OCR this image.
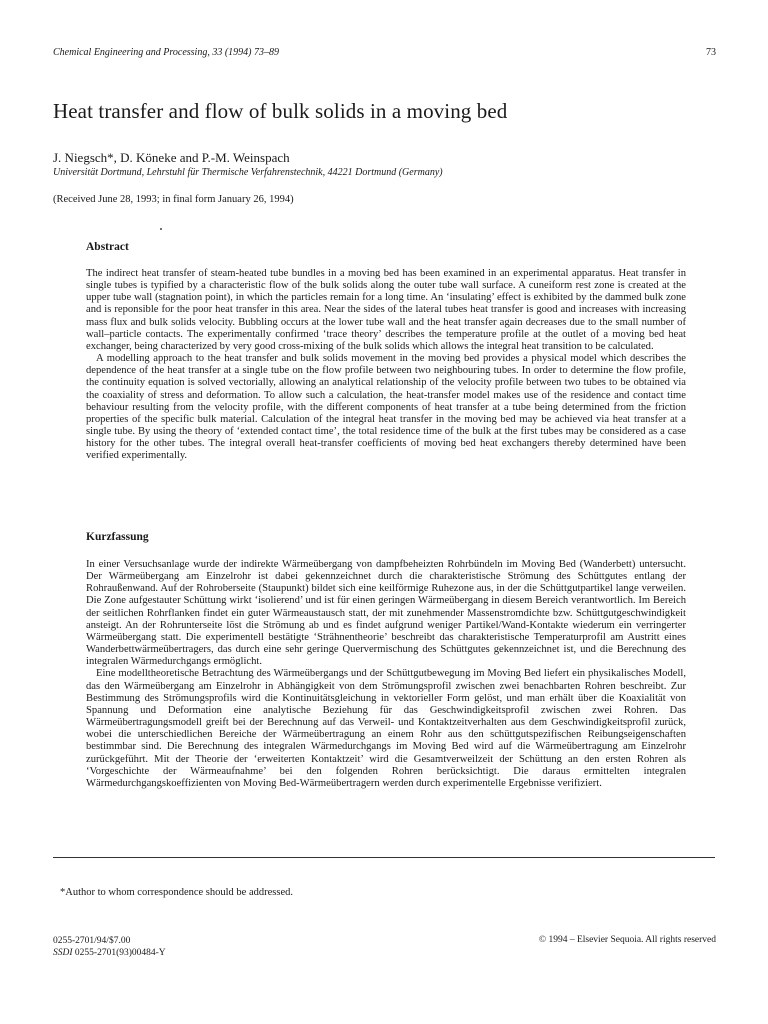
Chemical Engineering and Processing, 33 (1994) 73–89	73
Heat transfer and flow of bulk solids in a moving bed
J. Niegsch*, D. Köneke and P.-M. Weinspach
Universität Dortmund, Lehrstuhl für Thermische Verfahrenstechnik, 44221 Dortmund (Germany)
(Received June 28, 1993; in final form January 26, 1994)
Abstract

The indirect heat transfer of steam-heated tube bundles in a moving bed has been examined in an experimental apparatus. Heat transfer in single tubes is typified by a characteristic flow of the bulk solids along the outer tube wall surface. A cuneiform rest zone is created at the upper tube wall (stagnation point), in which the particles remain for a long time. An ‘insulating’ effect is exhibited by the dammed bulk zone and is reponsible for the poor heat transfer in this area. Near the sides of the lateral tubes heat transfer is good and increases with increasing mass flux and bulk solids velocity. Bubbling occurs at the lower tube wall and the heat transfer again decreases due to the small number of wall–particle contacts. The experimentally confirmed ‘trace theory’ describes the temperature profile at the outlet of a moving bed heat exchanger, being characterized by very good cross-mixing of the bulk solids which allows the integral heat transition to be calculated.

A modelling approach to the heat transfer and bulk solids movement in the moving bed provides a physical model which describes the dependence of the heat transfer at a single tube on the flow profile between two neighbouring tubes. In order to determine the flow profile, the continuity equation is solved vectorially, allowing an analytical relationship of the velocity profile between two tubes to be obtained via the coaxiality of stress and deformation. To allow such a calculation, the heat-transfer model makes use of the residence and contact time behaviour resulting from the velocity profile, with the different components of heat transfer at a tube being determined from the friction properties of the specific bulk material. Calculation of the integral heat transfer in the moving bed may be achieved via heat transfer at a single tube. By using the theory of ‘extended contact time’, the total residence time of the bulk at the first tubes may be considered as a case history for the other tubes. The integral overall heat-transfer coefficients of moving bed heat exchangers thereby determined have been verified experimentally.

Kurzfassung

In einer Versuchsanlage wurde der indirekte Wärmeübergang von dampfbeheizten Rohrbündeln im Moving Bed (Wanderbett) untersucht. Der Wärmeübergang am Einzelrohr ist dabei gekennzeichnet durch die charakteristische Strömung des Schüttgutes entlang der Rohraußenwand. Auf der Rohroberseite (Staupunkt) bildet sich eine keilförmige Ruhezone aus, in der die Schüttgutpartikel lange verweilen. Die Zone aufgestauter Schüttung wirkt ‘isolierend’ und ist für einen geringen Wärmeübergang in diesem Bereich verantwortlich. Im Bereich der seitlichen Rohrflanken findet ein guter Wärmeaustausch statt, der mit zunehmender Massenstromdichte bzw. Schüttgutgeschwindigkeit ansteigt. An der Rohrunterseite löst die Strömung ab und es findet aufgrund weniger Partikel/Wand-Kontakte wiederum ein verringerter Wärmeübergang statt. Die experimentell bestätigte ‘Strähnentheorie’ beschreibt das charakteristische Temperaturprofil am Austritt eines Wanderbettwärmeübertragers, das durch eine sehr geringe Quervermischung des Schüttgutes gekennzeichnet ist, und die Berechnung des integralen Wärmedurchgangs ermöglicht.

Eine modelltheoretische Betrachtung des Wärmeübergangs und der Schüttgutbewegung im Moving Bed liefert ein physikalisches Modell, das den Wärmeübergang am Einzelrohr in Abhängigkeit von dem Strömungsprofil zwischen zwei benachbarten Rohren beschreibt. Zur Bestimmung des Strömungsprofils wird die Kontinuitätsgleichung in vektorieller Form gelöst, und man erhält über die Koaxialität von Spannung und Deformation eine analytische Beziehung für das Geschwindigkeitsprofil zwischen zwei Rohren. Das Wärmeübertragungsmodell greift bei der Berechnung auf das Verweil- und Kontaktzeitverhalten aus dem Geschwindigkeitsprofil zurück, wobei die unterschiedlichen Bereiche der Wärmeübertragung an einem Rohr aus den schüttgutspezifischen Reibungseigenschaften bestimmbar sind. Die Berechnung des integralen Wärmedurchgangs im Moving Bed wird auf die Wärmeübertragung am Einzelrohr zurückgeführt. Mit der Theorie der ‘erweiterten Kontaktzeit’ wird die Gesamtverweilzeit der Schüttung an den ersten Rohren als ‘Vorgeschichte der Wärmeaufnahme’ bei den folgenden Rohren berücksichtigt. Die daraus ermittelten integralen Wärmedurchgangskoeffizienten von Moving Bed-Wärmeübertragern werden durch experimentelle Ergebnisse verifiziert.

*Author to whom correspondence should be addressed.
0255-2701/94/$7.00
SSDI 0255-2701(93)00484-Y
© 1994 – Elsevier Sequoia. All rights reserved
